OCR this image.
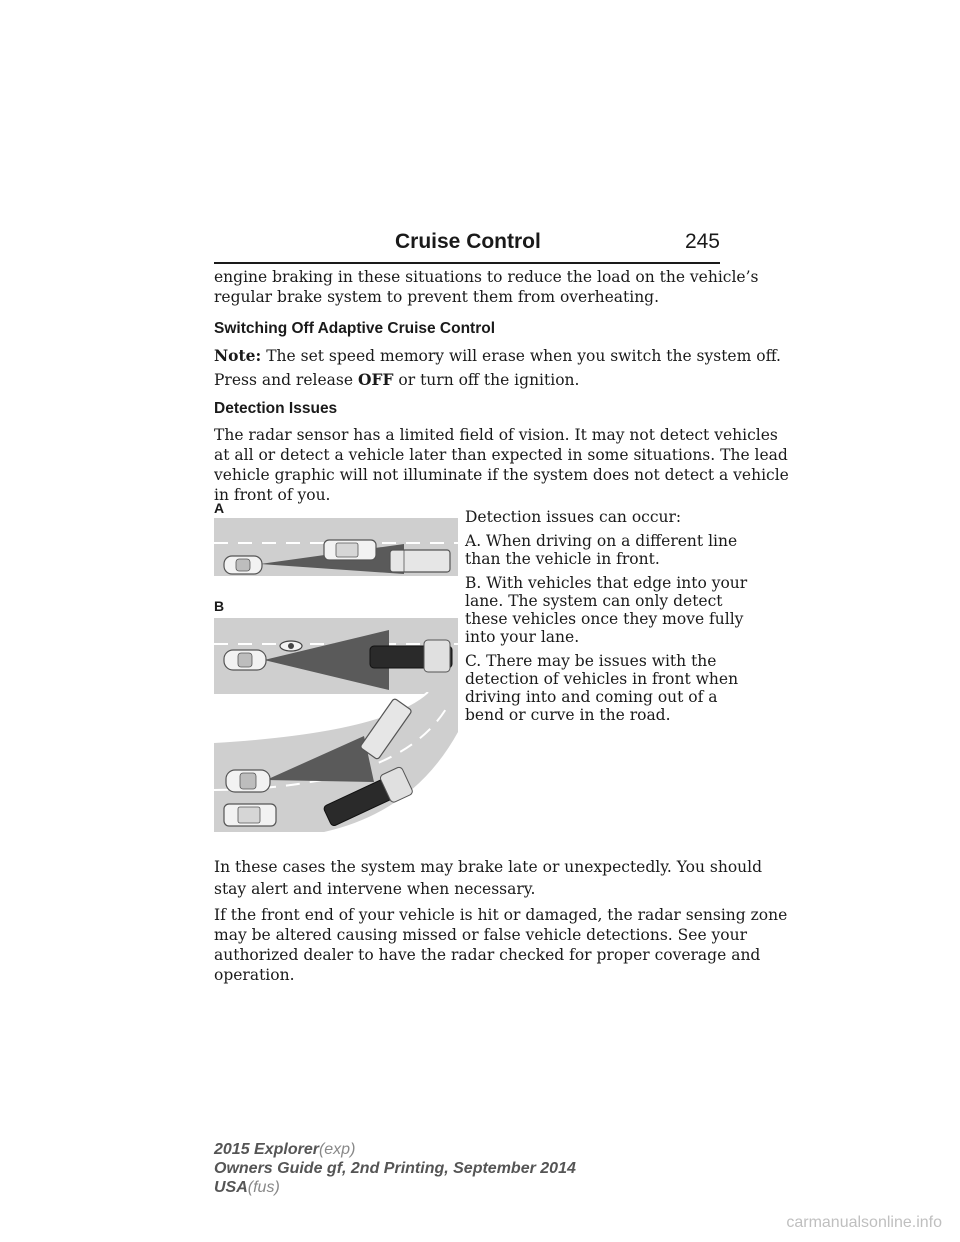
Cruise Control	245
engine braking in these situations to reduce the load on the vehicle’s
regular brake system to prevent them from overheating.
Switching Off Adaptive Cruise Control
Note: The set speed memory will erase when you switch the system off.
Press and release OFF or turn off the ignition.
Detection Issues
The radar sensor has a limited field of vision. It may not detect vehicles
at all or detect a vehicle later than expected in some situations. The lead
vehicle graphic will not illuminate if the system does not detect a vehicle
in front of you.
Detection issues can occur:
A. When driving on a different line
than the vehicle in front.
B. With vehicles that edge into your
lane. The system can only detect
these vehicles once they move fully
into your lane.
C. There may be issues with the
detection of vehicles in front when
driving into and coming out of a
bend or curve in the road.
A
B
In these cases the system may brake late or unexpectedly. You should
stay alert and intervene when necessary.
If the front end of your vehicle is hit or damaged, the radar sensing zone
may be altered causing missed or false vehicle detections. See your
authorized dealer to have the radar checked for proper coverage and
operation.
2015 Explorer(exp)
Owners Guide gf, 2nd Printing, September 2014
USA(fus)
carmanualsonline.info
